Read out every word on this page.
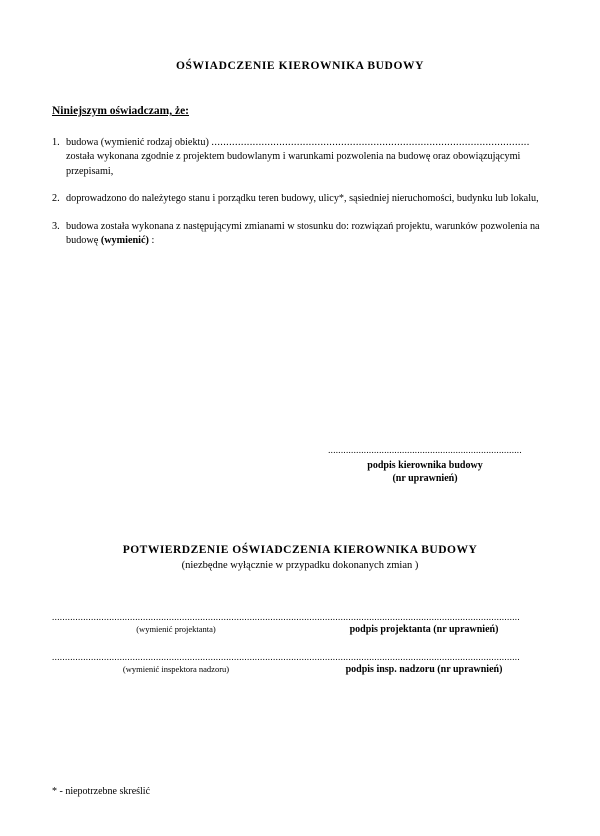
OŚWIADCZENIE KIEROWNIKA BUDOWY
Niniejszym oświadczam, że:
1. budowa (wymienić rodzaj obiektu) ............................................................................................................
została wykonana zgodnie z projektem budowlanym i warunkami pozwolenia na budowę oraz obowiązującymi
przepisami,
2. doprowadzono do należytego stanu i porządku teren budowy, ulicy*, sąsiedniej nieruchomości, budynku lub lokalu,
3. budowa została wykonana z następującymi zmianami w stosunku do: rozwiązań projektu, warunków pozwolenia na
budowę (wymienić) :
............................................................................
podpis kierownika budowy
(nr uprawnień)
POTWIERDZENIE OŚWIADCZENIA KIEROWNIKA BUDOWY
(niezbędne wyłącznie w przypadku dokonanych zmian )
....................................................................................................................................................................................
(wymienić projektanta)	podpis projektanta (nr uprawnień)
....................................................................................................................................................................................
(wymienić inspektora nadzoru)	podpis insp. nadzoru (nr uprawnień)
* - niepotrzebne skreślić
